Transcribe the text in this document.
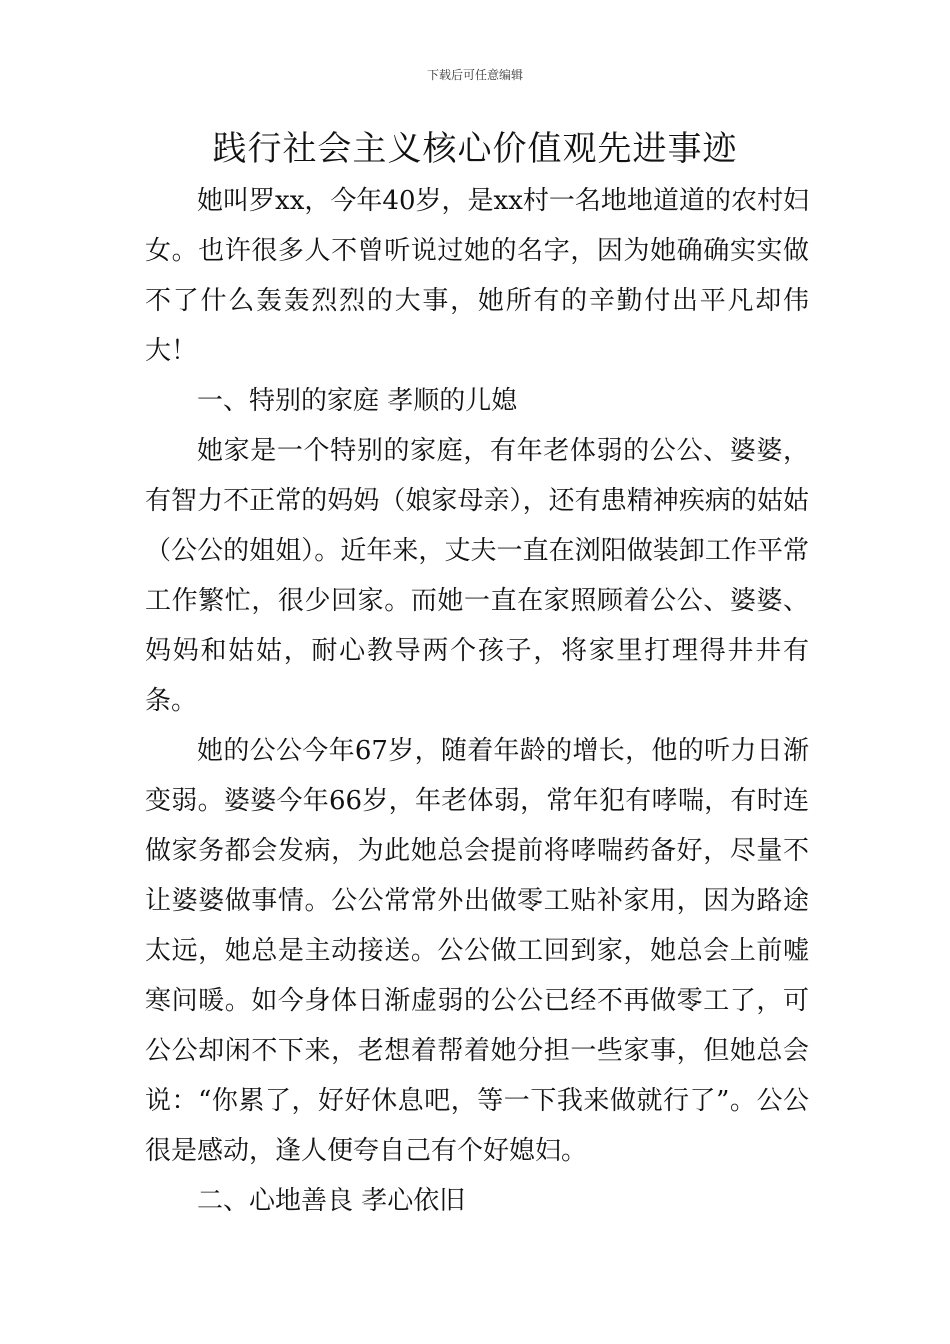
下载后可任意编辑
践行社会主义核心价值观先进事迹

她叫罗xx，今年40岁，是xx村一名地地道道的农村妇女。也许很多人不曾听说过她的名字，因为她确确实实做不了什么轰轰烈烈的大事，她所有的辛勤付出平凡却伟大！

一、特别的家庭 孝顺的儿媳

她家是一个特别的家庭，有年老体弱的公公、婆婆，有智力不正常的妈妈（娘家母亲），还有患精神疾病的姑姑（公公的姐姐）。近年来，丈夫一直在浏阳做装卸工作平常工作繁忙，很少回家。而她一直在家照顾着公公、婆婆、妈妈和姑姑，耐心教导两个孩子，将家里打理得井井有条。

她的公公今年67岁，随着年龄的增长，他的听力日渐变弱。婆婆今年66岁，年老体弱，常年犯有哮喘，有时连做家务都会发病，为此她总会提前将哮喘药备好，尽量不让婆婆做事情。公公常常外出做零工贴补家用，因为路途太远，她总是主动接送。公公做工回到家，她总会上前嘘寒问暖。如今身体日渐虚弱的公公已经不再做零工了，可公公却闲不下来，老想着帮着她分担一些家事，但她总会说：“你累了，好好休息吧，等一下我来做就行了”。公公很是感动，逢人便夸自己有个好媳妇。

二、心地善良 孝心依旧
